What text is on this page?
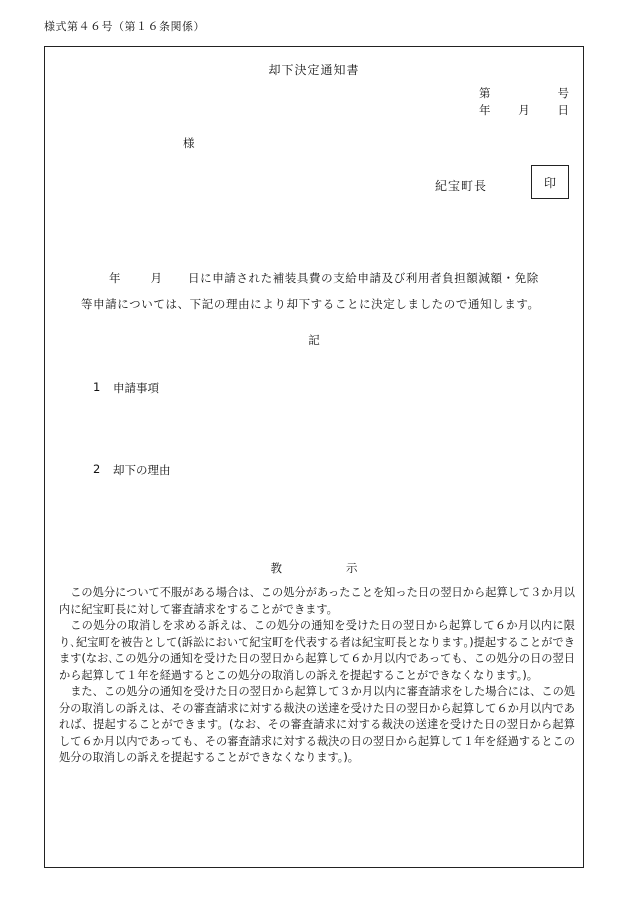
様式第４６号（第１６条関係）
却下決定通知書
第	号
年 月 日
様
紀宝町長	印
年	月 日に申請された補装具費の支給申請及び利用者負担額減額・免除
等申請については、下記の理由により却下することに決定しましたので通知します。
記
1	申請事項
2	却下の理由
教	示

この処分について不服がある場合は、この処分があったことを知った日の翌日から起算して３か月以内に紀宝町長に対して審査請求をすることができます。

この処分の取消しを求める訴えは、この処分の通知を受けた日の翌日から起算して６か月以内に限り､紀宝町を被告として(訴訟において紀宝町を代表する者は紀宝町長となります｡)提起することができます(なお､この処分の通知を受けた日の翌日から起算して６か月以内であっても、この処分の日の翌日から起算して１年を経過するとこの処分の取消しの訴えを提起することができなくなります。)。

また、この処分の通知を受けた日の翌日から起算して３か月以内に審査請求をした場合には、この処分の取消しの訴えは、その審査請求に対する裁決の送達を受けた日の翌日から起算して６か月以内であれば、提起することができます。(なお、その審査請求に対する裁決の送達を受けた日の翌日から起算して６か月以内であっても、その審査請求に対する裁決の日の翌日から起算して１年を経過するとこの処分の取消しの訴えを提起することができなくなります。)。
